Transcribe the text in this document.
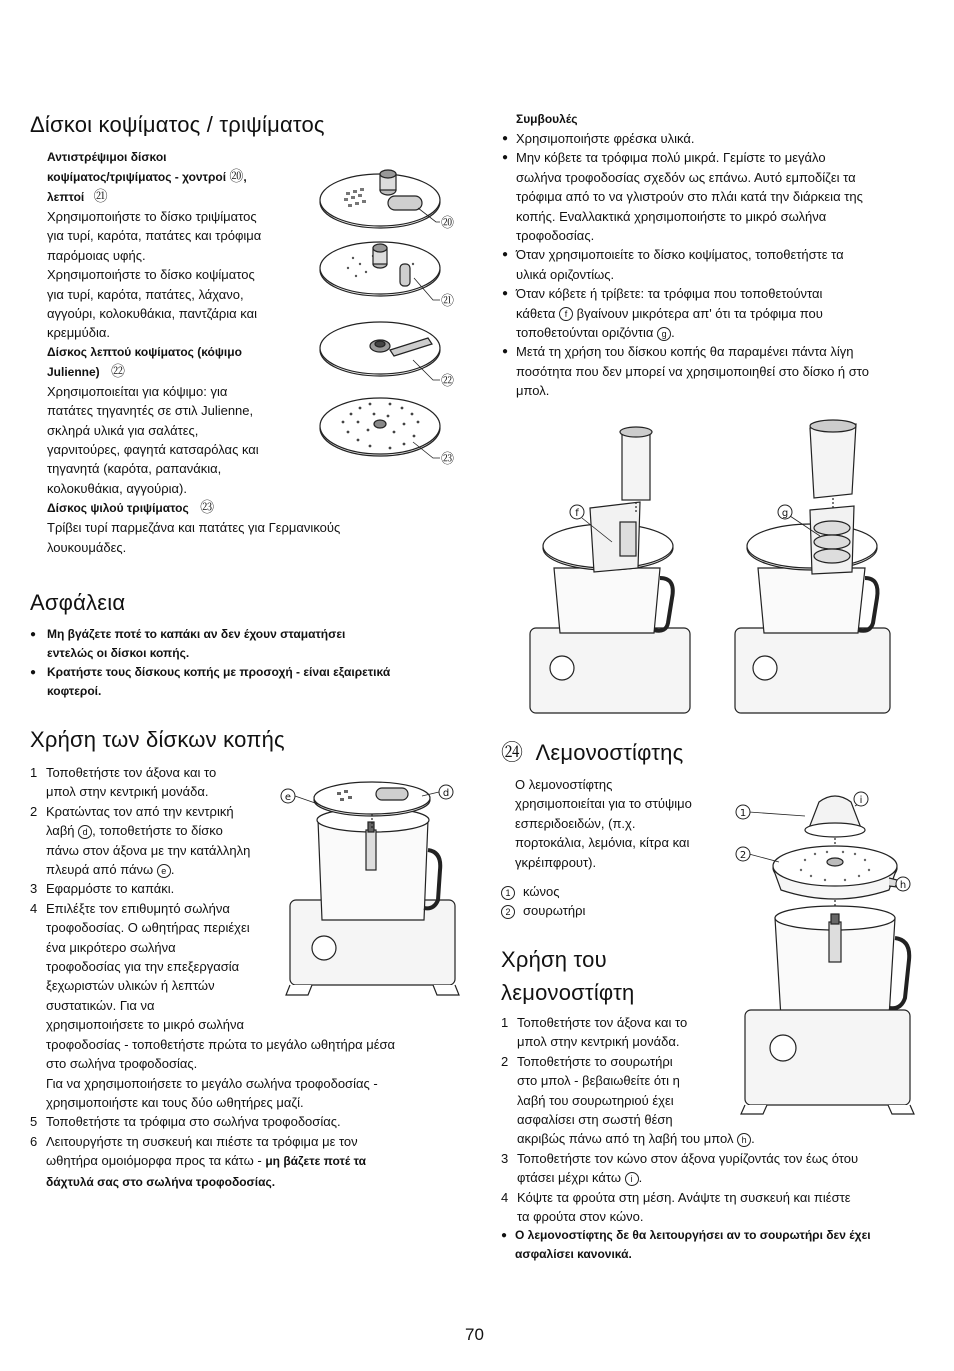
Δίσκοι κοψίματος / τριψίματος
Αντιστρέψιμοι δίσκοι
κοψίματος/τριψίματος - χοντροί ⑳,
λεπτοί ㉑
Χρησιμοποιήστε το δίσκο τριψίματος
για τυρί, καρότα, πατάτες και τρόφιμα
παρόμοιας υφής.
Χρησιμοποιήστε το δίσκο κοψίματος
για τυρί, καρότα, πατάτες, λάχανο,
αγγούρι, κολοκυθάκια, παντζάρια και
κρεμμύδια.
Δίσκος λεπτού κοψίματος (κόψιμο
Julienne) ㉒
Χρησιμοποιείται για κόψιμο: για
πατάτες τηγανητές σε στιλ Julienne,
σκληρά υλικά για σαλάτες,
γαρνιτούρες, φαγητά κατσαρόλας και
τηγανητά (καρότα, ραπανάκια,
κολοκυθάκια, αγγούρια).
Δίσκος ψιλού τριψίματος ㉓
Τρίβει τυρί παρμεζάνα και πατάτες για Γερμανικούς
λουκουμάδες.
⑳
㉑
㉒
㉓
Ασφάλεια
● Μη βγάζετε ποτέ το καπάκι αν δεν έχουν σταματήσει
εντελώς οι δίσκοι κοπής.
● Κρατήστε τους δίσκους κοπής με προσοχή - είναι εξαιρετικά
κοφτεροί.
Χρήση των δίσκων κοπής
1 Τοποθετήστε τον άξονα και το
μπολ στην κεντρική μονάδα.
2 Κρατώντας τον από την κεντρική
λαβή d , τοποθετήστε το δίσκο
πάνω στον άξονα με την κατάλληλη
πλευρά από πάνω e .
3 Εφαρμόστε το καπάκι.
4 Επιλέξτε τον επιθυμητό σωλήνα
τροφοδοσίας. Ο ωθητήρας περιέχει
ένα μικρότερο σωλήνα
τροφοδοσίας για την επεξεργασία
ξεχωριστών υλικών ή λεπτών
συστατικών. Για να
χρησιμοποιήσετε το μικρό σωλήνα
τροφοδοσίας - τοποθετήστε πρώτα το μεγάλο ωθητήρα μέσα
στο σωλήνα τροφοδοσίας.
Για να χρησιμοποιήσετε το μεγάλο σωλήνα τροφοδοσίας -
χρησιμοποιήστε και τους δύο ωθητήρες μαζί.
5 Τοποθετήστε τα τρόφιμα στο σωλήνα τροφοδοσίας.
6 Λειτουργήστε τη συσκευή και πιέστε τα τρόφιμα με τον
ωθητήρα ομοιόμορφα προς τα κάτω - μη βάζετε ποτέ τα
δάχτυλά σας στο σωλήνα τροφοδοσίας.
e	d
Συμβουλές
● Χρησιμοποιήστε φρέσκα υλικά.
● Μην κόβετε τα τρόφιμα πολύ μικρά. Γεμίστε το μεγάλο
σωλήνα τροφοδοσίας σχεδόν ως επάνω. Αυτό εμποδίζει τα
τρόφιμα από το να γλιστρούν στο πλάι κατά την διάρκεια της
κοπής. Εναλλακτικά χρησιμοποιήστε το μικρό σωλήνα
τροφοδοσίας.
● Όταν χρησιμοποιείτε το δίσκο κοψίματος, τοποθετήστε τα
υλικά οριζοντίως.
● Όταν κόβετε ή τρίβετε: τα τρόφιμα που τοποθετούνται
κάθετα f βγαίνουν μικρότερα απ' ότι τα τρόφιμα που
τοποθετούνται οριζόντια g .
● Μετά τη χρήση του δίσκου κοπής θα παραμένει πάντα λίγη
ποσότητα που δεν μπορεί να χρησιμοποιηθεί στο δίσκο ή στο
μπολ.
f	g
㉔ Λεμονοστίφτης
Ο λεμονοστίφτης
χρησιμοποιείται για το στύψιμο
εσπεριδοειδών, (π.χ.
πορτοκάλια, λεμόνια, κίτρα και
γκρέιπφρουτ).
1 κώνος
2 σουρωτήρι
Χρήση του
λεμονοστίφτη
1 Τοποθετήστε τον άξονα και το
μπολ στην κεντρική μονάδα.
2 Τοποθετήστε το σουρωτήρι
στο μπολ - βεβαιωθείτε ότι η
λαβή του σουρωτηριού έχει
ασφαλίσει στη σωστή θέση
ακριβώς πάνω από τη λαβή του μπολ h .
3 Τοποθετήστε τον κώνο στον άξονα γυρίζοντάς τον έως ότου
φτάσει μέχρι κάτω i .
4 Κόψτε τα φρούτα στη μέση. Ανάψτε τη συσκευή και πιέστε
τα φρούτα στον κώνο.
● Ο λεμονοστίφτης δε θα λειτουργήσει αν το σουρωτήρι δεν έχει
ασφαλίσει κανονικά.
1
2
i
h
70
